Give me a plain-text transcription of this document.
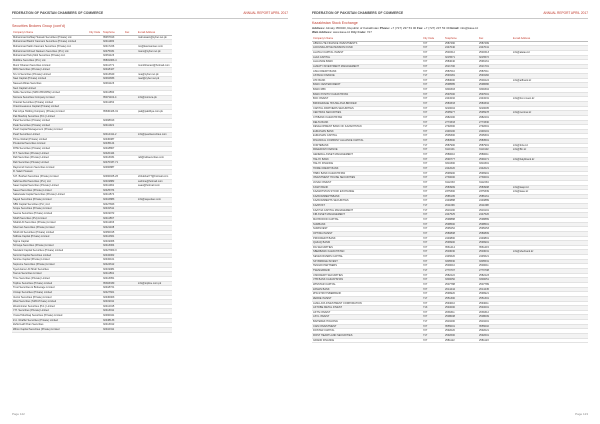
FEDERATION OF PAKISTAN CHAMBERS OF COMMERCE	ANNUAL REPORT APRIL 2017
Securities Brokers Group (cont'd)
Company's Name	City Code	Telephone	Fax	E-mail Address
Muhammad Ashfaq Hussain Securities (Private) Ltd.		35457913		mahussain@cyber.net.pk
Muhammad Bashir Kasmani Securities (Private) Limited		32411482		
Muhammad Salim Kasmani Securities (Private) Ltd.		32417226		ms@kasmanisec.com
Muhammad Ahmed Nadeem Securities (Pvt.) Ltd.		32475031		mans@cyber.net.pk
Muhammad Tariq Moti Securities (Private) Ltd.		32451123		
Multiline Securities (Pvt.) Ltd.		35831963-4		
Munir Khanani Securities Limited		32411771		munirkhanani@hotmail.com
MRA Securities (Private) Limited		32418427		
N.U.A Securities (Private) Limited		32413640		nua@cyber.net.pk
Nael Capital (Private) Limited		32462833		nael@cyber.net.pk
Naveed Abbas Securities		32461123		
Next Capital Limited				
Noble Securities (SMC-PRIVATE) Limited		32411560		
Nomura Securities Company Limited		35071102-4		info@nomura.pk
Oriental Securities (Private) Limited		32411452		
Orientmeasures Capital (Private) Limited				
Pak Libya Holding Company (Private) Limited		35630426-31		pak@paklibya.com.pk
Pak Mashriq Securities (Pvt.) Limited				
Patel Securities (Private) Limited		32468913		
Peak Securities (Private) Limited		32411021		
Pearl Capital Management (Private) Limited				
Pearl Securities Limited		32414411-2		info@pearlsecurities.com
Prime Global (Private) Limited		32430087		
Prudential Securities Limited		32435124		
RITE Securities (Private) Limited		32418807		
R.T. Securities (Private) Limited		32420444		
Rafi Securities (Private) Limited		32413031		rafi@rafisecurities.com
Rah Securities (Private) Limited		32470337-71		
Raymond Cannon Securities Limited		32460887		
R. Saleh Hussain				
S.H. Bukhari Securities (Private) Limited		32460025-26		shbukhari77@hotmail.com
Sabrina Abid Securities (Pvt.) Ltd.		32419882		sabrina@hotmail.com
Saao Capital Securities (Private) Limited		32411091		saao@hotmail.com
Saeed Securities (Private) Limited		32425374		
Sakarwala Capital Securities (Private) Limited		32411574		
Sayed Securities (Private) Limited		32416883		info@sayedsec.com
SBS Capital Securities (Pvt.) Ltd		32427843		
Scope Securities (Private) Limited		32431511		
Seema Securities (Private) Limited		32419072		
Shaffi Securities (Pvt) Limited		32411567		
Shahid Ali Securities (Private) Limited		32411463		
Sherman Securities (Private) Limited		32421108		
Shoib Ali Securities (Private) Limited		32450015		
Sidhwa Capital (Private) Limited		32412661		
Sigma Capital		32419066		
Sirmaya Securities (Private) Limited		32413064		
Standard Capital Securities (Private) Limited		32427960-3		
Summit Capital Securities Limited		32434062		
Sunrise Capital (Private) Limited		32432101		
Supreme Securities (Private) Limited		32424612		
Syed Aamer Ali Shah Securities		32419081		
Taurus Securities Limited		32411591		
Time Securities (Private) Limited		32413051		
Topline Securities (Private) Limited		35303330		info@topline.com.pk
Trust Securities & Brokerage Limited		32418721		
Unicap Securities (Private) Limited		32427601		
Vector Securities (Private) Limited		32430003		
Wasi Securities (SMC-Private) Limited		32419011		
Westminster Securities (Pvt.) Limited		32412015		
Y.H. Securities (Private) Limited		32413011		
Yousuf Mushtaq Securities (Private) Limited		32460041		
Z.A. Ghaffar Securities (Private) Limited		32438133		
Zahid Latif Khan Securities		32413012		
Zillion Capital Securities (Private) Limited		32410311		
Page 122
FEDERATION OF PAKISTAN CHAMBERS OF COMMERCE	ANNUAL REPORT APRIL 2017
Kazakhstan Stock Exchange
Address: Almaty 050040, Republic of Kazakhstan Phone: +7 (727) 237 53 00 Fax: +7 (727) 237 53 39 Email: info@kase.kz
Web Address: www.kase.kz City Code: 727
Company's Name	City Code	Telephone	Fax	E-mail Address
ABSOLUTE FINANCE INVESTMENTS	727	2587490	2587499	
ACCUMULATIVE PENSION FUND	727	2447040	2447041	
ALATAU CAPITAL INVEST	727	2501512	2501513	info@alatau.kz
ALFA CAPITAL	727	3215571	3215572	
ALLIANCE BANK	727	2584040	2596161	
ALMATY INVESTMENT MANAGEMENT	727	2621700	2621701	
ASIA CREDIT BANK	727	2587010	2587011	
ASTANA FINANCE	717	2593181	2593182	
ATF BANK	727	2583000	2500224	info@atfbank.kz
BANK CENTERCREDIT	727	2598585	2598686	
BANK RBK	727	3300303	3300304	
BANK POSITIV KAZAKHSTAN	727	2597000	2597001	
BCC INVEST	727	2443232	2443231	info@bcc-invest.kz
BROKERAGE HOUSE ASIA BROKER	727	2583333	2583334	
CAPITAL PARTNERS SECURITIES	727	3220004	3220005	
CENTRAS SECURITIES	727	2595977	2595978	info@centras.kz
CITIBANK KAZAKHSTAN	727	2982200	2982201	
DELTA BANK	727	2773333	2773330	
DEVELOPMENT BANK OF KAZAKHSTAN	717	2792600	2792601	
EURASIAN BANK	727	2448100	2448101	
EURASIAN CAPITAL	727	2505300	2505301	
FINANCIAL COMPANY ALLIANCE CAPITAL	727	2583500	2583501	
FORTEBANK	717	2587900	2587901	info@forte.kz
FREEDOM FINANCE	727	3110101	3110102	info@ffin.kz
GENERAL ASSET MANAGEMENT	727	2580010	2580011	
HALYK BANK	727	2590777	2590271	info@halykbank.kz
HALYK FINANCE	727	3310300	3310301	
HOME CREDIT BANK	727	2442020	2442021	
HSBC BANK KAZAKHSTAN	727	2596900	2596901	
INVESTMENT HOUSE SECURITIES	727	2730000	2730001	
JUSAN INVEST	727	3112233	3112234	
KASPI BANK	727	2583999	2583998	info@kaspi.kz
KAZAKHSTAN STOCK EXCHANGE	727	2375300	2375339	info@kase.kz
KAZKOMMERTSBANK	727	2585195	2585161	
KAZKOMMERTS SECURITIES	727	2449888	2449889	
KAZPOST	717	2611699	2611698	
KAZYNA CAPITAL MANAGEMENT	717	2919100	2919101	
KIB ASSET MANAGEMENT	727	2447525	2447526	
MAYBOROD CAPITAL	727	2598888	2598889	
NURBANK	727	2598500	2598501	
NURINVEST	727	2595252	2595253	
OPTIMA INVEST	727	2580808	2580809	
PROCREDIT BANK	727	2449800	2449801	
QAZAQ BANKI	727	2599900	2599901	
RG SECURITIES	727	3561414	3561415	
SBERBANK KAZAKHSTAN	727	2503030	2503031	info@sberbank.kz
SEVEN RIVERS CAPITAL	727	2445620	2445621	
SKYBRIDGE INVEST	727	3305530	3305531	
TENGRI PARTNERS	727	2500010	2500011	
TSESNABANK	717	2770707	2770708	
UNICREDIT SECURITIES	727	2582222	2582223	
VTB BANK KAZAKHSTAN	727	3300050	3300051	
WINSTAR CAPITAL	727	2507788	2507789	
ZAMAN BANK	727	2614444	2614445	
ZHILSTROYSBERBANK	727	2599920	2599921	
ZERDE INVEST	717	2551300	2551301	
ALMA-ATA INVESTMENT CORPORATION	727	2594010	2594011	
AKTOBE METAL INVEST	713	2540000	2540001	
AKTIV-INVEST	727	2636311	2636312	
ASYL INVEST	727	2508008	2508009	
BAITEREK HOLDING	717	2919200	2919201	
CAIM INVESTMENT	727	3555001	3555002	
DOSTAR CAPITAL	727	2592020	2592021	
FIRST HEARTLAND SECURITIES	717	2592600	2592601	
GRAND FINANCE	727	2581122	2581123	
Page 123
